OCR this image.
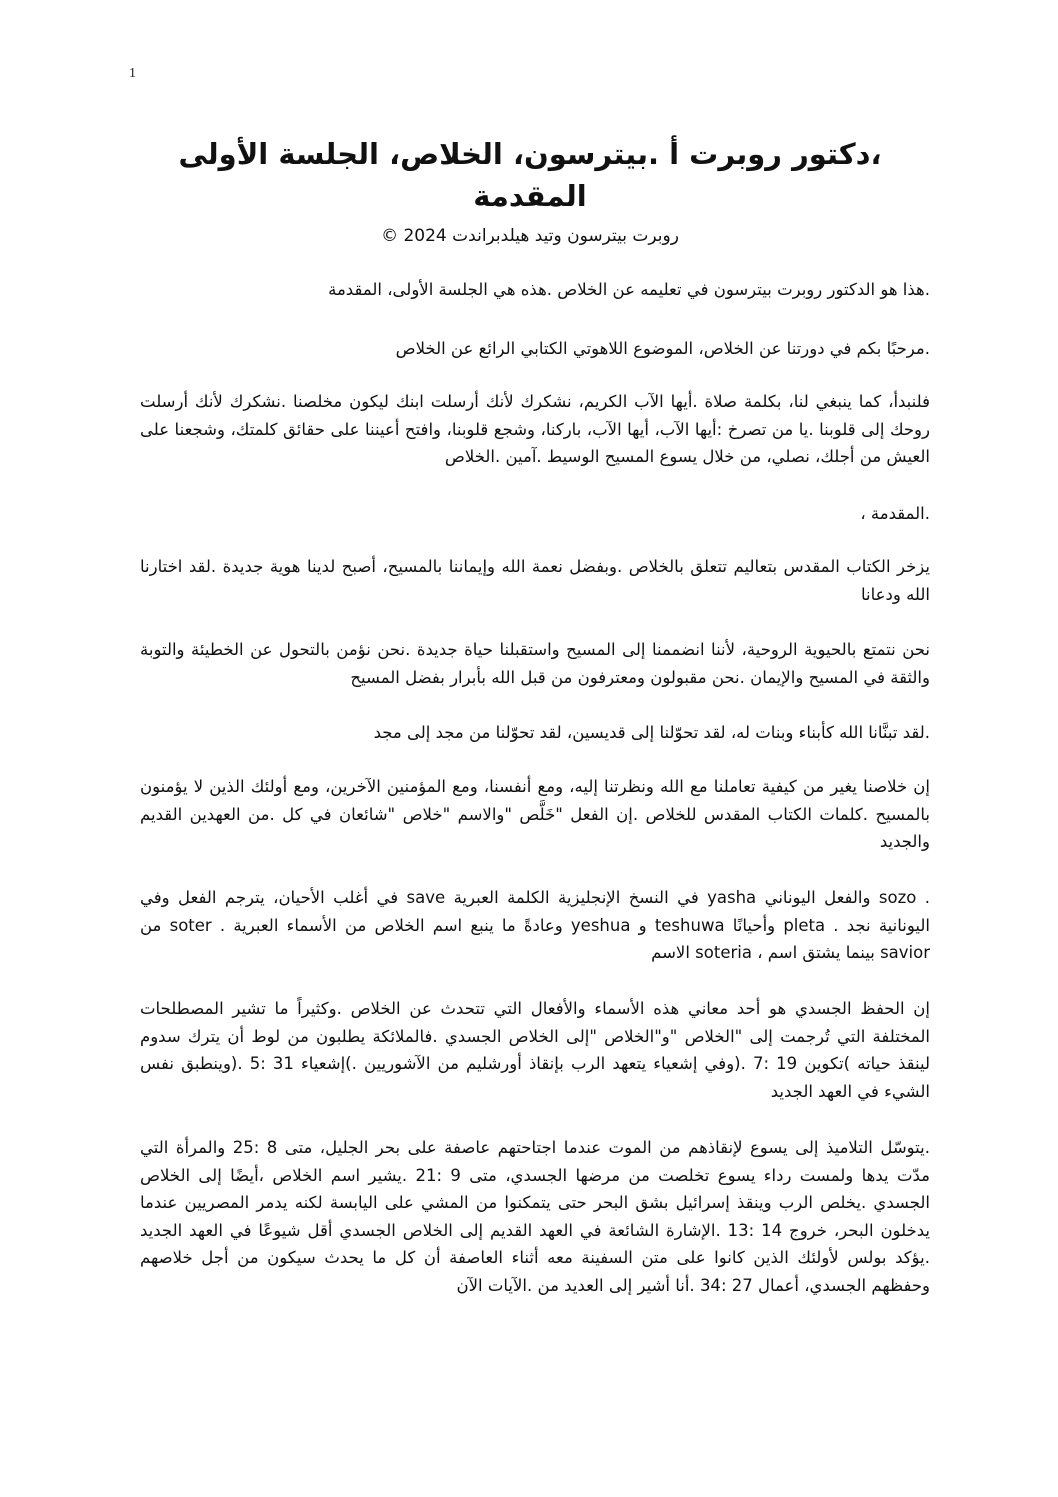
1
،دكتور روبرت أ .بيترسون، الخلاص، الجلسة الأولى المقدمة
روبرت بيترسون وتيد هيلدبراندت 2024 ©

.هذا هو الدكتور روبرت بيترسون في تعليمه عن الخلاص .هذه هي الجلسة الأولى، المقدمة

.مرحبًا بكم في دورتنا عن الخلاص، الموضوع اللاهوتي الكتابي الرائع عن الخلاص

فلنبدأ، كما ينبغي لنا، بكلمة صلاة .أيها الآب الكريم، نشكرك لأنك أرسلت ابنك ليكون مخلصنا .نشكرك لأنك أرسلت روحك إلى قلوبنا .يا من تصرخ :أيها الآب، أيها الآب، باركنا، وشجع قلوبنا، وافتح أعيننا على حقائق كلمتك، وشجعنا على العيش من أجلك، نصلي، من خلال يسوع المسيح الوسيط .آمين .الخلاص

.المقدمة ،

يزخر الكتاب المقدس بتعاليم تتعلق بالخلاص .وبفضل نعمة الله وإيماننا بالمسيح، أصبح لدينا هوية جديدة .لقد اختارنا الله ودعانا

نحن نتمتع بالحيوية الروحية، لأننا انضممنا إلى المسيح واستقبلنا حياة جديدة .نحن نؤمن بالتحول عن الخطيئة والتوبة والثقة في المسيح والإيمان .نحن مقبولون ومعترفون من قبل الله بأبرار بفضل المسيح

.لقد تبنَّانا الله كأبناء وبنات له، لقد تحوّلنا إلى قديسين، لقد تحوّلنا من مجد إلى مجد

إن خلاصنا يغير من كيفية تعاملنا مع الله ونظرتنا إليه، ومع أنفسنا، ومع المؤمنين الآخرين، ومع أولئك الذين لا يؤمنون بالمسيح .كلمات الكتاب المقدس للخلاص .إن الفعل "خَلَّص "والاسم "خلاص "شائعان في كل .من العهدين القديم والجديد

. sozo والفعل اليوناني yasha في النسخ الإنجليزية الكلمة العبرية save في أغلب الأحيان، يترجم الفعل وفي اليونانية نجد . pleta وأحيانًا teshuwa و yeshua وعادةً ما ينبع اسم الخلاص من الأسماء العبرية . soter من savior بينما يشتق اسم ، soteria الاسم

إن الحفظ الجسدي هو أحد معاني هذه الأسماء والأفعال التي تتحدث عن الخلاص .وكثيراً ما تشير المصطلحات المختلفة التي تُرجمت إلى "الخلاص "و"الخلاص "إلى الخلاص الجسدي .فالملائكة يطلبون من لوط أن يترك سدوم لينقذ حياته )تكوين 19 :7 .(وفي إشعياء يتعهد الرب بإنقاذ أورشليم من الآشوريين .)إشعياء 31 :5 .(وينطبق نفس الشيء في العهد الجديد

.يتوسّل التلاميذ إلى يسوع لإنقاذهم من الموت عندما اجتاحتهم عاصفة على بحر الجليل، متى 8 :25 والمرأة التي مدّت يدها ولمست رداء يسوع تخلصت من مرضها الجسدي، متى 9 :21 .يشير اسم الخلاص ،أيضًا إلى الخلاص الجسدي .يخلص الرب وينقذ إسرائيل بشق البحر حتى يتمكنوا من المشي على اليابسة لكنه يدمر المصريين عندما يدخلون البحر، خروج 14 :13 .الإشارة الشائعة في العهد القديم إلى الخلاص الجسدي أقل شيوعًا في العهد الجديد .يؤكد بولس لأولئك الذين كانوا على متن السفينة معه أثناء العاصفة أن كل ما يحدث سيكون من أجل خلاصهم وحفظهم الجسدي، أعمال 27 :34 .أنا أشير إلى العديد من .الآيات الآن
